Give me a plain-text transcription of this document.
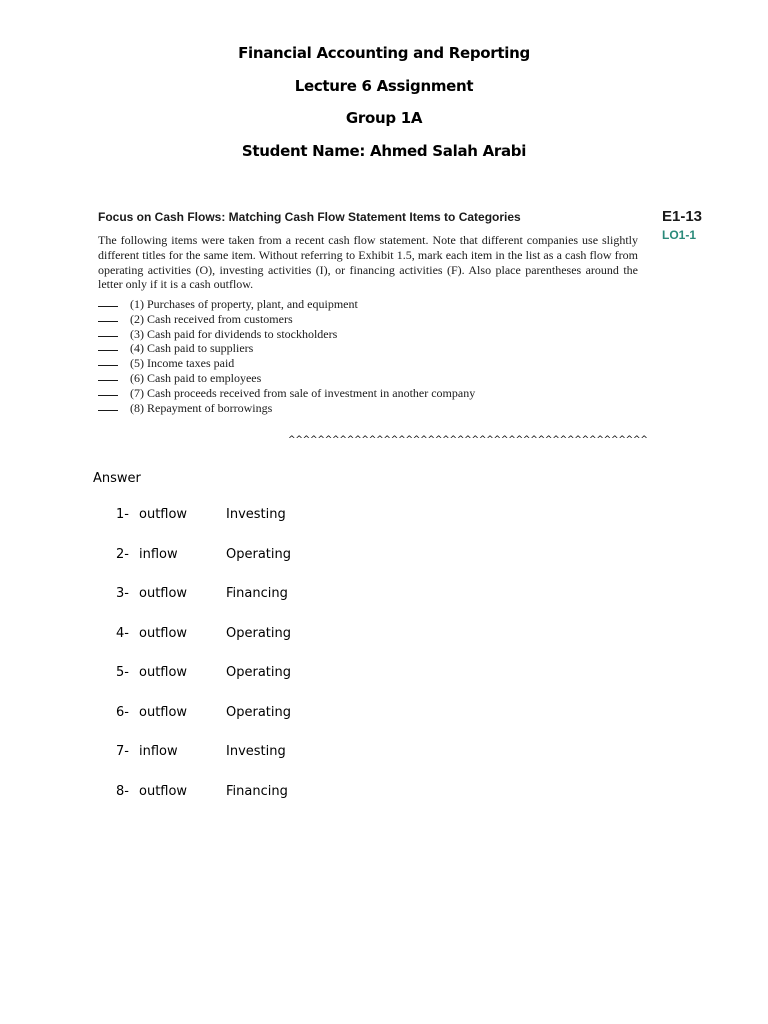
Financial Accounting and Reporting
Lecture 6 Assignment
Group 1A
Student Name: Ahmed Salah Arabi
Focus on Cash Flows: Matching Cash Flow Statement Items to Categories	E1-13
LO1-1
The following items were taken from a recent cash flow statement. Note that different companies use slightly different titles for the same item. Without referring to Exhibit 1.5, mark each item in the list as a cash flow from operating activities (O), investing activities (I), or financing activities (F). Also place parentheses around the letter only if it is a cash outflow.
(1) Purchases of property, plant, and equipment
(2) Cash received from customers
(3) Cash paid for dividends to stockholders
(4) Cash paid to suppliers
(5) Income taxes paid
(6) Cash paid to employees
(7) Cash proceeds received from sale of investment in another company
(8) Repayment of borrowings
^^^^^^^^^^^^^^^^^^^^^^^^^^^^^^^^^^^^^^^^^^^^^^^^^
Answer
1- outflow	Investing
2- inflow	Operating
3- outflow	Financing
4- outflow	Operating
5- outflow	Operating
6- outflow	Operating
7- inflow	Investing
8- outflow	Financing
